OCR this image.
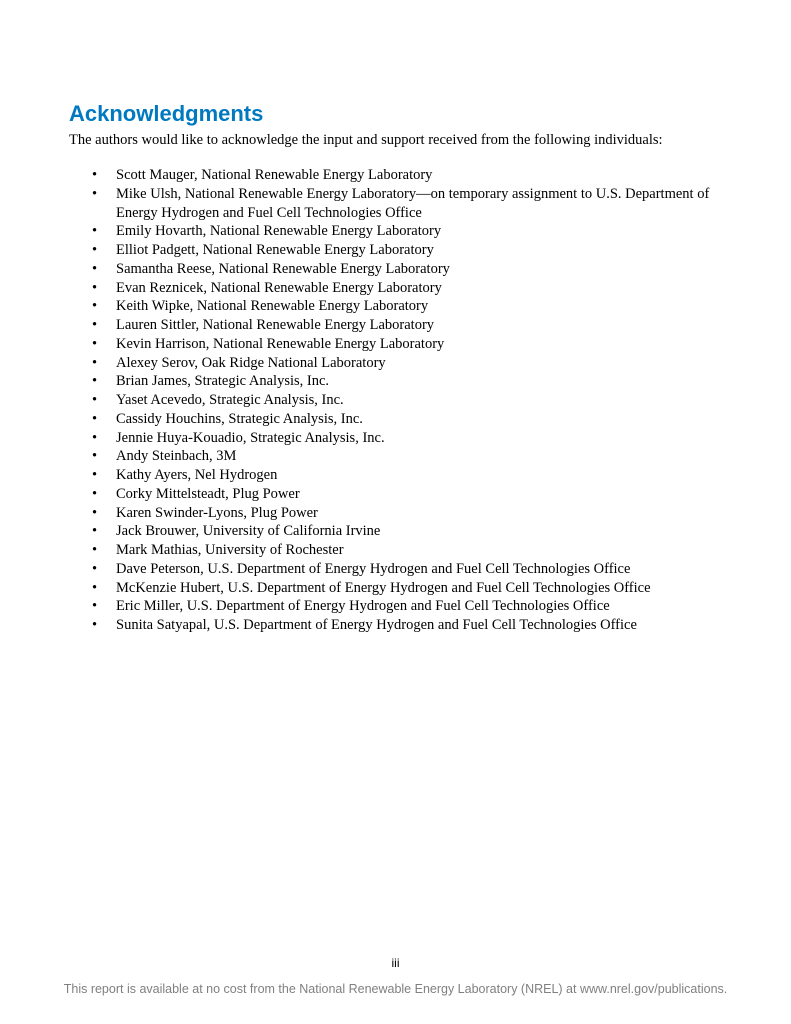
Acknowledgments

The authors would like to acknowledge the input and support received from the following individuals:

•	Scott Mauger, National Renewable Energy Laboratory
•	Mike Ulsh, National Renewable Energy Laboratory—on temporary assignment to U.S. Department of Energy Hydrogen and Fuel Cell Technologies Office
•	Emily Hovarth, National Renewable Energy Laboratory
•	Elliot Padgett, National Renewable Energy Laboratory
•	Samantha Reese, National Renewable Energy Laboratory
•	Evan Reznicek, National Renewable Energy Laboratory
•	Keith Wipke, National Renewable Energy Laboratory
•	Lauren Sittler, National Renewable Energy Laboratory
•	Kevin Harrison, National Renewable Energy Laboratory
•	Alexey Serov, Oak Ridge National Laboratory
•	Brian James, Strategic Analysis, Inc.
•	Yaset Acevedo, Strategic Analysis, Inc.
•	Cassidy Houchins, Strategic Analysis, Inc.
•	Jennie Huya-Kouadio, Strategic Analysis, Inc.
•	Andy Steinbach, 3M
•	Kathy Ayers, Nel Hydrogen
•	Corky Mittelsteadt, Plug Power
•	Karen Swinder-Lyons, Plug Power
•	Jack Brouwer, University of California Irvine
•	Mark Mathias, University of Rochester
•	Dave Peterson, U.S. Department of Energy Hydrogen and Fuel Cell Technologies Office
•	McKenzie Hubert, U.S. Department of Energy Hydrogen and Fuel Cell Technologies Office
•	Eric Miller, U.S. Department of Energy Hydrogen and Fuel Cell Technologies Office
•	Sunita Satyapal, U.S. Department of Energy Hydrogen and Fuel Cell Technologies Office
iii
This report is available at no cost from the National Renewable Energy Laboratory (NREL) at www.nrel.gov/publications.
